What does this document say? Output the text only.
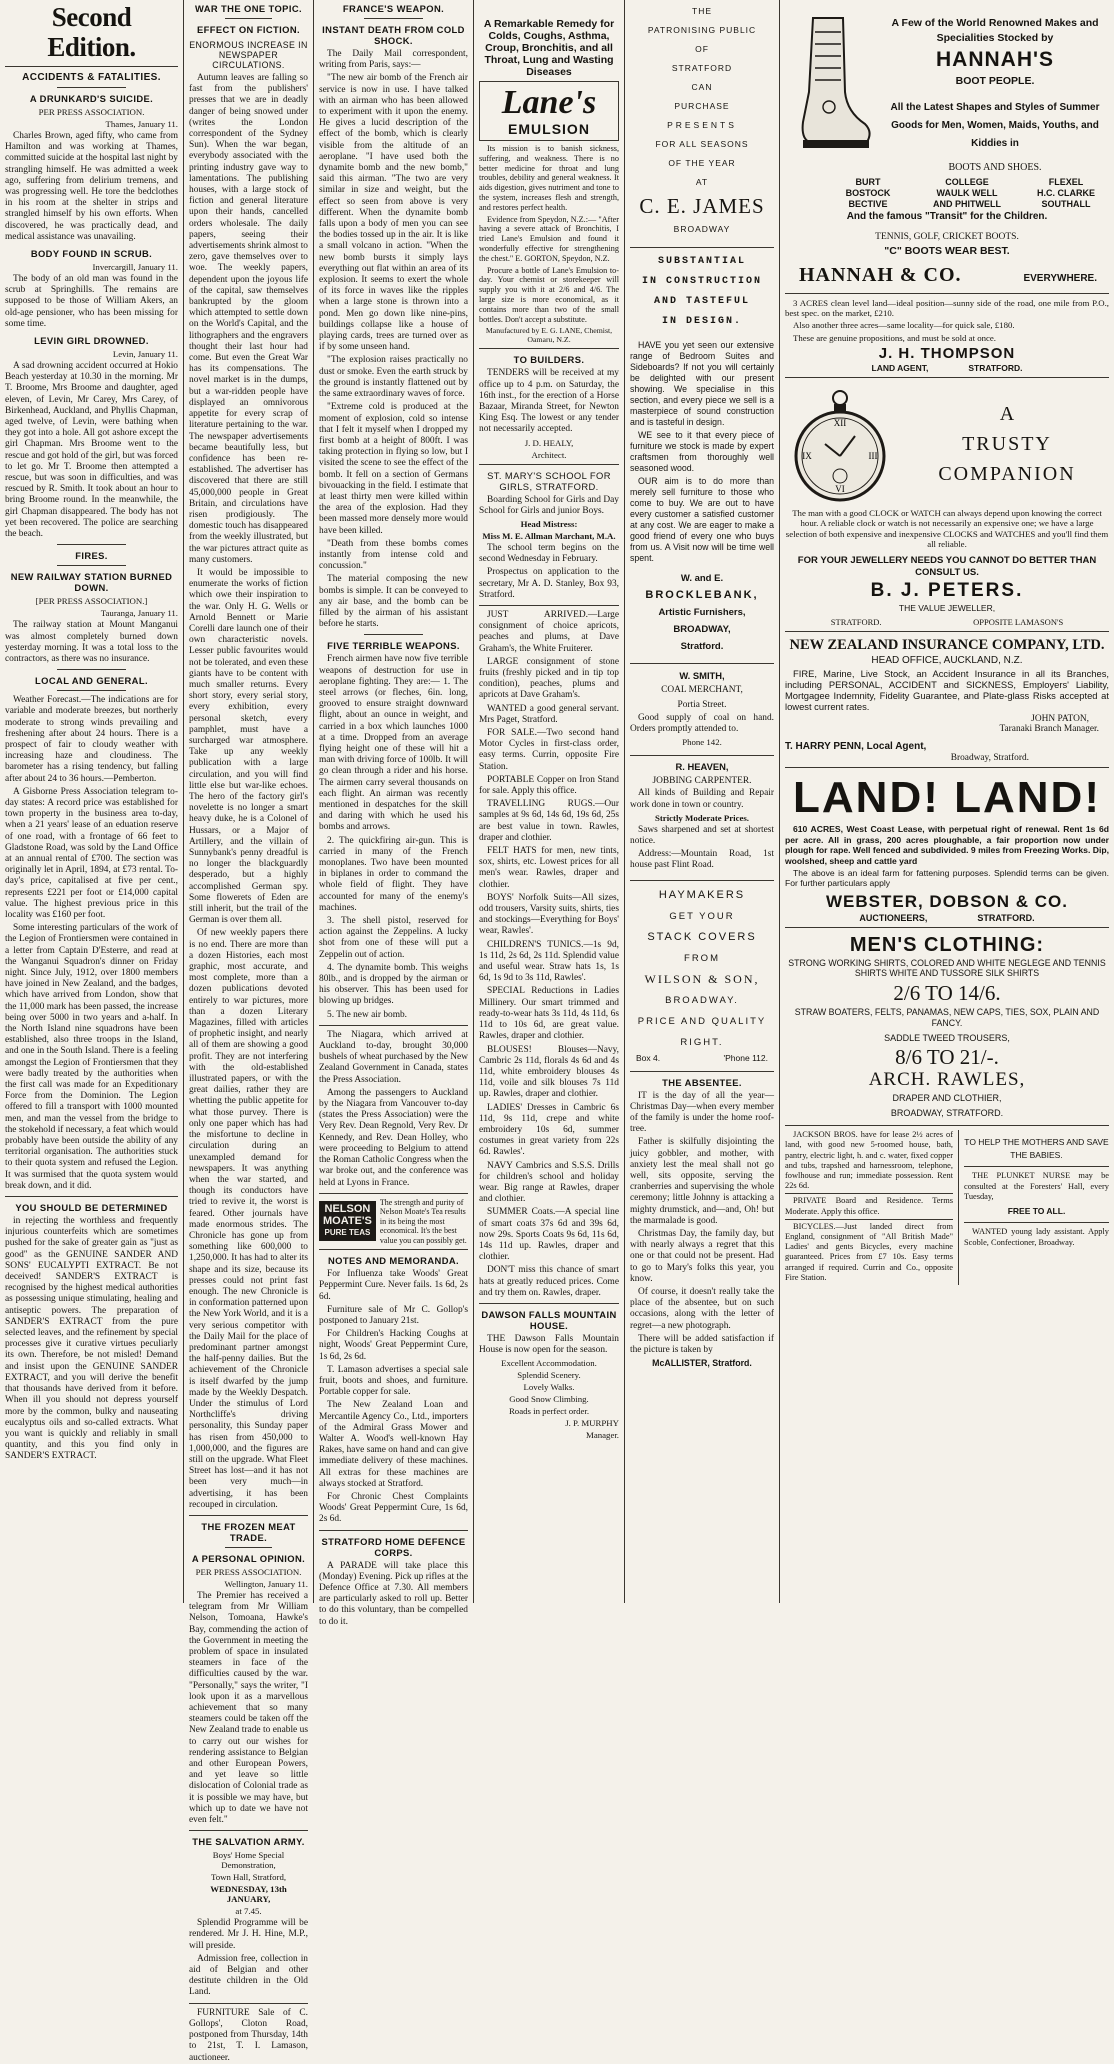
Second Edition.
ACCIDENTS & FATALITIES.
A DRUNKARD'S SUICIDE.
PER PRESS ASSOCIATION.
Thames, January 11.

Charles Brown, aged fifty, who came from Hamilton and was working at Thames, committed suicide at the hospital last night by strangling himself. He was admitted a week ago, suffering from delirium tremens, and was progressing well. He tore the bedclothes in his room at the shelter in strips and strangled himself by his own efforts. When discovered, he was practically dead, and medical assistance was unavailing.

BODY FOUND IN SCRUB.
Invercargill, January 11.

The body of an old man was found in the scrub at Springhills. The remains are supposed to be those of William Akers, an old-age pensioner, who has been missing for some time.

LEVIN GIRL DROWNED.
Levin, January 11.

A sad drowning accident occurred at Hokio Beach yesterday at 10.30 in the morning. Mr T. Broome, Mrs Broome and daughter, aged eleven, of Levin, Mr Carey, Mrs Carey, of Birkenhead, Auckland, and Phyllis Chapman, aged twelve, of Levin, were bathing when they got into a hole. All got ashore except the girl Chapman. Mrs Broome went to the rescue and got hold of the girl, but was forced to let go. Mr T. Broome then attempted a rescue, but was soon in difficulties, and was rescued by R. Smith. It took about an hour to bring Broome round. In the meanwhile, the girl Chapman disappeared. The body has not yet been recovered. The police are searching the beach.

FIRES.
NEW RAILWAY STATION BURNED DOWN.
[PER PRESS ASSOCIATION.]
Tauranga, January 11.

The railway station at Mount Manganui was almost completely burned down yesterday morning. It was a total loss to the contractors, as there was no insurance.

LOCAL AND GENERAL.

Weather Forecast.—The indications are for variable and moderate breezes, but northerly moderate to strong winds prevailing and freshening after about 24 hours. There is a prospect of fair to cloudy weather with increasing haze and cloudiness. The barometer has a rising tendency, but falling after about 24 to 36 hours.—Pemberton.

A Gisborne Press Association telegram to-day states: A record price was established for town property in the business area to-day, when a 21 years' lease of an eduation reserve of one road, with a frontage of 66 feet to Gladstone Road, was sold by the Land Office at an annual rental of £700. The section was originally let in April, 1894, at £73 rental. To-day's price, capitalised at five per cent., represents £221 per foot or £14,000 capital value. The highest previous price in this locality was £160 per foot.

Some interesting particulars of the work of the Legion of Frontiersmen were contained in a letter from Captain D'Esterre, and read at the Wanganui Squadron's dinner on Friday night. Since July, 1912, over 1800 members have joined in New Zealand, and the badges, which have arrived from London, show that the 11,000 mark has been passed, the increase being over 5000 in two years and a-half. In the North Island nine squadrons have been established, also three troops in the Island, and one in the South Island. There is a feeling amongst the Legion of Frontiersmen that they were badly treated by the authorities when the first call was made for an Expeditionary Force from the Dominion. The Legion offered to fill a transport with 1000 mounted men, and man the vessel from the bridge to the stokehold if necessary, a feat which would probably have been outside the ability of any territorial organisation. The authorities stuck to their quota system and refused the Legion. It was surmised that the quota system would break down, and it did.

YOU SHOULD BE DETERMINED

in rejecting the worthless and frequently injurious counterfeits which are sometimes pushed for the sake of greater gain as "just as good" as the GENUINE SANDER AND SONS' EUCALYPTI EXTRACT. Be not deceived! SANDER'S EXTRACT is recognised by the highest medical authorities as possessing unique stimulating, healing and antiseptic powers. The preparation of SANDER'S EXTRACT from the pure selected leaves, and the refinement by special processes give it curative virtues peculiarly its own. Therefore, be not misled! Demand and insist upon the GENUINE SANDER EXTRACT, and you will derive the benefit that thousands have derived from it before. When ill you should not depress yourself more by the common, bulky and nauseating eucalyptus oils and so-called extracts. What you want is quickly and reliably in small quantity, and this you find only in SANDER'S EXTRACT.

WAR THE ONE TOPIC.
EFFECT ON FICTION.
ENORMOUS INCREASE IN NEWSPAPER CIRCULATIONS.

Autumn leaves are falling so fast from the publishers' presses that we are in deadly danger of being snowed under (writes the London correspondent of the Sydney Sun). When the war began, everybody associated with the printing industry gave way to lamentations. The publishing houses, with a large stock of fiction and general literature upon their hands, cancelled orders wholesale. The daily papers, seeing their advertisements shrink almost to zero, gave themselves over to woe. The weekly papers, dependent upon the joyous life of the capital, saw themselves bankrupted by the gloom which attempted to settle down on the World's Capital, and the lithographers and the engravers thought their last hour had come. But even the Great War has its compensations. The novel market is in the dumps, but a war-ridden people have displayed an omnivorous appetite for every scrap of literature pertaining to the war. The newspaper advertisements became beautifully less, but confidence has been re-established. The advertiser has discovered that there are still 45,000,000 people in Great Britain, and circulations have risen prodigiously. The domestic touch has disappeared from the weekly illustrated, but the war pictures attract quite as many customers.

It would be impossible to enumerate the works of fiction which owe their inspiration to the war. Only H. G. Wells or Arnold Bennett or Marie Corelli dare launch one of their own characteristic novels. Lesser public favourites would not be tolerated, and even these giants have to be content with much smaller returns. Every short story, every serial story, every exhibition, every personal sketch, every pamphlet, must have a surcharged war atmosphere. Take up any weekly publication with a large circulation, and you will find little else but war-like echoes. The hero of the factory girl's novelette is no longer a smart heavy duke, he is a Colonel of Hussars, or a Major of Artillery, and the villain of Sunnybank's penny dreadful is no longer the blackguardly desperado, but a highly accomplished German spy. Some flowerets of Eden are still inherit, but the trail of the German is over them all.

Of new weekly papers there is no end. There are more than a dozen Histories, each most graphic, most accurate, and most complete, more than a dozen publications devoted entirely to war pictures, more than a dozen Literary Magazines, filled with articles of prophetic insight, and nearly all of them are showing a good profit. They are not interfering with the old-established illustrated papers, or with the great dailies, rather they are whetting the public appetite for what those purvey. There is only one paper which has had the misfortune to decline in circulation during an unexampled demand for newspapers. It was anything when the war started, and though its conductors have tried to revive it, the worst is feared. Other journals have made enormous strides. The Chronicle has gone up from something like 600,000 to 1,250,000. It has had to alter its shape and its size, because its presses could not print fast enough. The new Chronicle is in conformation patterned upon the New York World, and it is a very serious competitor with the Daily Mail for the place of predominant partner amongst the half-penny dailies. But the achievement of the Chronicle is itself dwarfed by the jump made by the Weekly Despatch. Under the stimulus of Lord Northcliffe's driving personality, this Sunday paper has risen from 450,000 to 1,000,000, and the figures are still on the upgrade. What Fleet Street has lost—and it has not been very much—in advertising, it has been recouped in circulation.

THE FROZEN MEAT TRADE.
A PERSONAL OPINION.
PER PRESS ASSOCIATION.
Wellington, January 11.

The Premier has received a telegram from Mr William Nelson, Tomoana, Hawke's Bay, commending the action of the Government in meeting the problem of space in insulated steamers in face of the difficulties caused by the war. "Personally," says the writer, "I look upon it as a marvellous achievement that so many steamers could be taken off the New Zealand trade to enable us to carry out our wishes for rendering assistance to Belgian and other European Powers, and yet leave so little dislocation of Colonial trade as it is possible we may have, but which up to date we have not even felt."

THE SALVATION ARMY.
Boys' Home Special Demonstration,
Town Hall, Stratford,
WEDNESDAY, 13th JANUARY,
at 7.45.

Splendid Programme will be rendered. Mr J. H. Hine, M.P., will preside.

Admission free, collection in aid of Belgian and other destitute children in the Old Land.

FURNITURE Sale of C. Gollops', Cloton Road, postponed from Thursday, 14th to 21st, T. I. Lamason, auctioneer.

FRANCE'S WEAPON.
INSTANT DEATH FROM COLD SHOCK.

The Daily Mail correspondent, writing from Paris, says:—

"The new air bomb of the French air service is now in use. I have talked with an airman who has been allowed to experiment with it upon the enemy. He gives a lucid description of the effect of the bomb, which is clearly visible from the altitude of an aeroplane. "I have used both the dynamite bomb and the new bomb," said this airman. "The two are very similar in size and weight, but the effect so seen from above is very different. When the dynamite bomb falls upon a body of men you can see the bodies tossed up in the air. It is like a small volcano in action. "When the new bomb bursts it simply lays everything out flat within an area of its explosion. It seems to exert the whole of its force in waves like the ripples when a large stone is thrown into a pond. Men go down like nine-pins, buildings collapse like a house of playing cards, trees are turned over as if by some unseen hand.

"The explosion raises practically no dust or smoke. Even the earth struck by the ground is instantly flattened out by the same extraordinary waves of force.

"Extreme cold is produced at the moment of explosion, cold so intense that I felt it myself when I dropped my first bomb at a height of 800ft. I was taking protection in flying so low, but I visited the scene to see the effect of the bomb. It fell on a section of Germans bivouacking in the field. I estimate that at least thirty men were killed within the area of the explosion. Had they been massed more densely more would have been killed.

"Death from these bombs comes instantly from intense cold and concussion."

The material composing the new bombs is simple. It can be conveyed to any air base, and the bomb can be filled by the airman of his assistant before he starts.

FIVE TERRIBLE WEAPONS.

French airmen have now five terrible weapons of destruction for use in aeroplane fighting. They are:— 1. The steel arrows (or fleches, 6in. long, grooved to ensure straight downward flight, about an ounce in weight, and carried in a box which launches 1000 at a time. Dropped from an average flying height one of these will hit a man with driving force of 100lb. It will go clean through a rider and his horse. The airmen carry several thousands on each flight. An airman was recently mentioned in despatches for the skill and daring with which he used his bombs and arrows.

2. The quickfiring air-gun. This is carried in many of the French monoplanes. Two have been mounted in biplanes in order to command the whole field of flight. They have accounted for many of the enemy's machines.

3. The shell pistol, reserved for action against the Zeppelins. A lucky shot from one of these will put a Zeppelin out of action.

4. The dynamite bomb. This weighs 80lb., and is dropped by the airman or his observer. This has been used for blowing up bridges.

5. The new air bomb.

The Niagara, which arrived at Auckland to-day, brought 30,000 bushels of wheat purchased by the New Zealand Government in Canada, states the Press Association.

Among the passengers to Auckland by the Niagara from Vancouver to-day (states the Press Association) were the Very Rev. Dean Regnold, Very Rev. Dr Kennedy, and Rev. Dean Holley, who were proceeding to Belgium to attend the Roman Catholic Congress when the war broke out, and the conference was held at Lyons in France.

NELSON
MOATE'S
PURE TEAS
The strength and purity of Nelson Moate's Tea results in its being the most economical. It's the best value you can possibly get.
NOTES AND MEMORANDA.

For Influenza take Woods' Great Peppermint Cure. Never fails. 1s 6d, 2s 6d.

Furniture sale of Mr C. Gollop's postponed to January 21st.

For Children's Hacking Coughs at night, Woods' Great Peppermint Cure, 1s 6d, 2s 6d.

T. Lamason advertises a special sale fruit, boots and shoes, and furniture. Portable copper for sale.

The New Zealand Loan and Mercantile Agency Co., Ltd., importers of the Admiral Grass Mower and Walter A. Wood's well-known Hay Rakes, have same on hand and can give immediate delivery of these machines. All extras for these machines are always stocked at Stratford.

For Chronic Chest Complaints Woods' Great Peppermint Cure, 1s 6d, 2s 6d.

STRATFORD HOME DEFENCE CORPS.

A PARADE will take place this (Monday) Evening. Pick up rifles at the Defence Office at 7.30. All members are particularly asked to roll up. Better to do this voluntary, than be compelled to do it.

A Remarkable Remedy for Colds, Coughs, Asthma, Croup, Bronchitis, and all Throat, Lung and Wasting Diseases
Lane's
EMULSION

Its mission is to banish sickness, suffering, and weakness. There is no better medicine for throat and lung troubles, debility and general weakness. It aids digestion, gives nutriment and tone to the system, increases flesh and strength, and restores perfect health.

Evidence from Speydon, N.Z.:— "After having a severe attack of Bronchitis, I tried Lane's Emulsion and found it wonderfully effective for strengthening the chest." E. GORTON, Speydon, N.Z.

Procure a bottle of Lane's Emulsion to-day. Your chemist or storekeeper will supply you with it at 2/6 and 4/6. The large size is more economical, as it contains more than two of the small bottles. Don't accept a substitute.

Manufactured by E. G. LANE, Chemist, Oamaru, N.Z.
TO BUILDERS.

TENDERS will be received at my office up to 4 p.m. on Saturday, the 16th inst., for the erection of a Horse Bazaar, Miranda Street, for Newton King Esq. The lowest or any tender not necessarily accepted.

J. D. HEALY,
Architect.
ST. MARY'S SCHOOL FOR GIRLS, STRATFORD.

Boarding School for Girls and Day School for Girls and junior Boys.

Head Mistress:
Miss M. E. Allman Marchant, M.A.

The school term begins on the second Wednesday in February.

Prospectus on application to the secretary, Mr A. D. Stanley, Box 93, Stratford.

JUST ARRIVED.—Large consignment of choice apricots, peaches and plums, at Dave Graham's, the White Fruiterer.

LARGE consignment of stone fruits (freshly picked and in tip top condition), peaches, plums and apricots at Dave Graham's.

WANTED a good general servant. Mrs Paget, Stratford.

FOR SALE.—Two second hand Motor Cycles in first-class order, easy terms. Currin, opposite Fire Station.

PORTABLE Copper on Iron Stand for sale. Apply this office.

TRAVELLING RUGS.—Our samples at 9s 6d, 14s 6d, 19s 6d, 25s are best value in town. Rawles, draper and clothier.

FELT HATS for men, new tints, sox, shirts, etc. Lowest prices for all men's wear. Rawles, draper and clothier.

BOYS' Norfolk Suits—All sizes, odd trousers, Varsity suits, shirts, ties and stockings—Everything for Boys' wear, Rawles'.

CHILDREN'S TUNICS.—1s 9d, 1s 11d, 2s 6d, 2s 11d. Splendid value and useful wear. Straw hats 1s, 1s 6d, 1s 9d to 3s 11d, Rawles'.

SPECIAL Reductions in Ladies Millinery. Our smart trimmed and ready-to-wear hats 3s 11d, 4s 11d, 6s 11d to 10s 6d, are great value. Rawles, draper and clothier.

BLOUSES! Blouses—Navy, Cambric 2s 11d, florals 4s 6d and 4s 11d, white embroidery blouses 4s 11d, voile and silk blouses 7s 11d up. Rawles, draper and clothier.

LADIES' Dresses in Cambric 6s 11d, 9s 11d, crepe and white embroidery 10s 6d, summer costumes in great variety from 22s 6d. Rawles'.

NAVY Cambrics and S.S.S. Drills for children's school and holiday wear. Big range at Rawles, draper and clothier.

SUMMER Coats.—A special line of smart coats 37s 6d and 39s 6d, now 29s. Sports Coats 9s 6d, 11s 6d, 14s 11d up. Rawles, draper and clothier.

DON'T miss this chance of smart hats at greatly reduced prices. Come and try them on. Rawles, draper.

DAWSON FALLS MOUNTAIN HOUSE.

THE Dawson Falls Mountain House is now open for the season.

Excellent Accommodation.
Splendid Scenery.
Lovely Walks.
Good Snow Climbing.
Roads in perfect order.
J. P. MURPHY
Manager.
THE
PATRONISING PUBLIC
OF
STRATFORD
CAN
PURCHASE
PRESENTS
FOR ALL SEASONS
OF THE YEAR
AT
C. E. JAMES
BROADWAY
SUBSTANTIAL
IN CONSTRUCTION
AND TASTEFUL
IN DESIGN.

HAVE you yet seen our extensive range of Bedroom Suites and Sideboards? If not you will certainly be delighted with our present showing. We specialise in this section, and every piece we sell is a masterpiece of sound construction and is tasteful in design.

WE see to it that every piece of furniture we stock is made by expert craftsmen from thoroughly well seasoned wood.

OUR aim is to do more than merely sell furniture to those who come to buy. We are out to have every customer a satisfied customer at any cost. We are eager to make a good friend of every one who buys from us. A Visit now will be time well spent.

W. and E.
BROCKLEBANK,
Artistic Furnishers,
BROADWAY,
Stratford.
W. SMITH,
COAL MERCHANT,
Portia Street.

Good supply of coal on hand. Orders promptly attended to.

Phone 142.
R. HEAVEN,
JOBBING CARPENTER.

All kinds of Building and Repair work done in town or country.

Strictly Moderate Prices.

Saws sharpened and set at shortest notice.

Address:—Mountain Road, 1st house past Flint Road.

HAYMAKERS
GET YOUR
STACK COVERS
FROM
WILSON & SON,
BROADWAY.
PRICE AND QUALITY
RIGHT.
Box 4.	'Phone 112.
THE ABSENTEE.

IT is the day of all the year—Christmas Day—when every member of the family is under the home roof-tree.

Father is skilfully disjointing the juicy gobbler, and mother, with anxiety lest the meal shall not go well, sits opposite, serving the cranberries and supervising the whole ceremony; little Johnny is attacking a mighty drumstick, and—and, Oh! but the marmalade is good.

Christmas Day, the family day, but with nearly always a regret that this one or that could not be present. Had to go to Mary's folks this year, you know.

Of course, it doesn't really take the place of the absentee, but on such occasions, along with the letter of regret—a new photograph.

There will be added satisfaction if the picture is taken by

McALLISTER, Stratford.
A Few of the World Renowned Makes and Specialities Stocked by
HANNAH'S
BOOT PEOPLE.
All the Latest Shapes and Styles of Summer Goods for Men, Women, Maids, Youths, and Kiddies in
BOOTS AND SHOES.
BURT	COLLEGE	FLEXEL
BOSTOCK	WAULK WELL	H.C. CLARKE
BECTIVE	AND PHITWELL	SOUTHALL
And the famous "Transit" for the Children.
TENNIS, GOLF, CRICKET BOOTS.
"C" BOOTS WEAR BEST.
HANNAH & CO.	EVERYWHERE.

3 ACRES clean level land—ideal position—sunny side of the road, one mile from P.O., best spec. on the market, £210.

Also another three acres—same locality—for quick sale, £180.

These are genuine propositions, and must be sold at once.

J. H. THOMPSON
LAND AGENT,	STRATFORD.
XII
III
VI
IX
A
TRUSTY
COMPANION

The man with a good CLOCK or WATCH can always depend upon knowing the correct hour. A reliable clock or watch is not necessarily an expensive one; we have a large selection of both expensive and inexpensive CLOCKS and WATCHES and you'll find them all reliable.

FOR YOUR JEWELLERY NEEDS YOU CANNOT DO BETTER THAN CONSULT US.
B. J. PETERS.
THE VALUE JEWELLER,
STRATFORD.	OPPOSITE LAMASON'S
NEW ZEALAND INSURANCE COMPANY, LTD.
HEAD OFFICE, AUCKLAND, N.Z.

FIRE, Marine, Live Stock, an Accident Insurance in all its Branches, including PERSONAL, ACCIDENT and SICKNESS, Employers' Liability, Mortgagee Indemnity, Fidelity Guarantee, and Plate-glass Risks accepted at lowest current rates.

JOHN PATON,
Taranaki Branch Manager.
T. HARRY PENN, Local Agent,
Broadway, Stratford.
LAND! LAND!

610 ACRES, West Coast Lease, with perpetual right of renewal. Rent 1s 6d per acre. All in grass, 200 acres ploughable, a fair proportion now under plough for rape. Well fenced and subdivided. 9 miles from Freezing Works. Dip, woolshed, sheep and cattle yard

The above is an ideal farm for fattening purposes. Splendid terms can be given. For further particulars apply

WEBSTER, DOBSON & CO.
AUCTIONEERS,	STRATFORD.
MEN'S CLOTHING:
STRONG WORKING SHIRTS, COLORED AND WHITE NEGLEGE AND TENNIS SHIRTS WHITE AND TUSSORE SILK SHIRTS
2/6 TO 14/6.
STRAW BOATERS, FELTS, PANAMAS, NEW CAPS, TIES, SOX, PLAIN AND FANCY.
SADDLE TWEED TROUSERS,
8/6 TO 21/-.
ARCH. RAWLES,
DRAPER AND CLOTHIER,
BROADWAY, STRATFORD.

JACKSON BROS. have for lease 2½ acres of land, with good new 5-roomed house, bath, pantry, electric light, h. and c. water, fixed copper and tubs, trapshed and harnessroom, telephone, fowlhouse and run; immediate possession. Rent 22s 6d.

PRIVATE Board and Residence. Terms Moderate. Apply this office.

BICYCLES.—Just landed direct from England, consignment of "All British Made" Ladies' and gents Bicycles, every machine guaranteed. Prices from £7 10s. Easy terms arranged if required. Currin and Co., opposite Fire Station.

TO HELP THE MOTHERS AND SAVE THE BABIES.

THE PLUNKET NURSE may be consulted at the Foresters' Hall, every Tuesday,

FREE TO ALL.

WANTED young lady assistant. Apply Scoble, Confectioner, Broadway.
